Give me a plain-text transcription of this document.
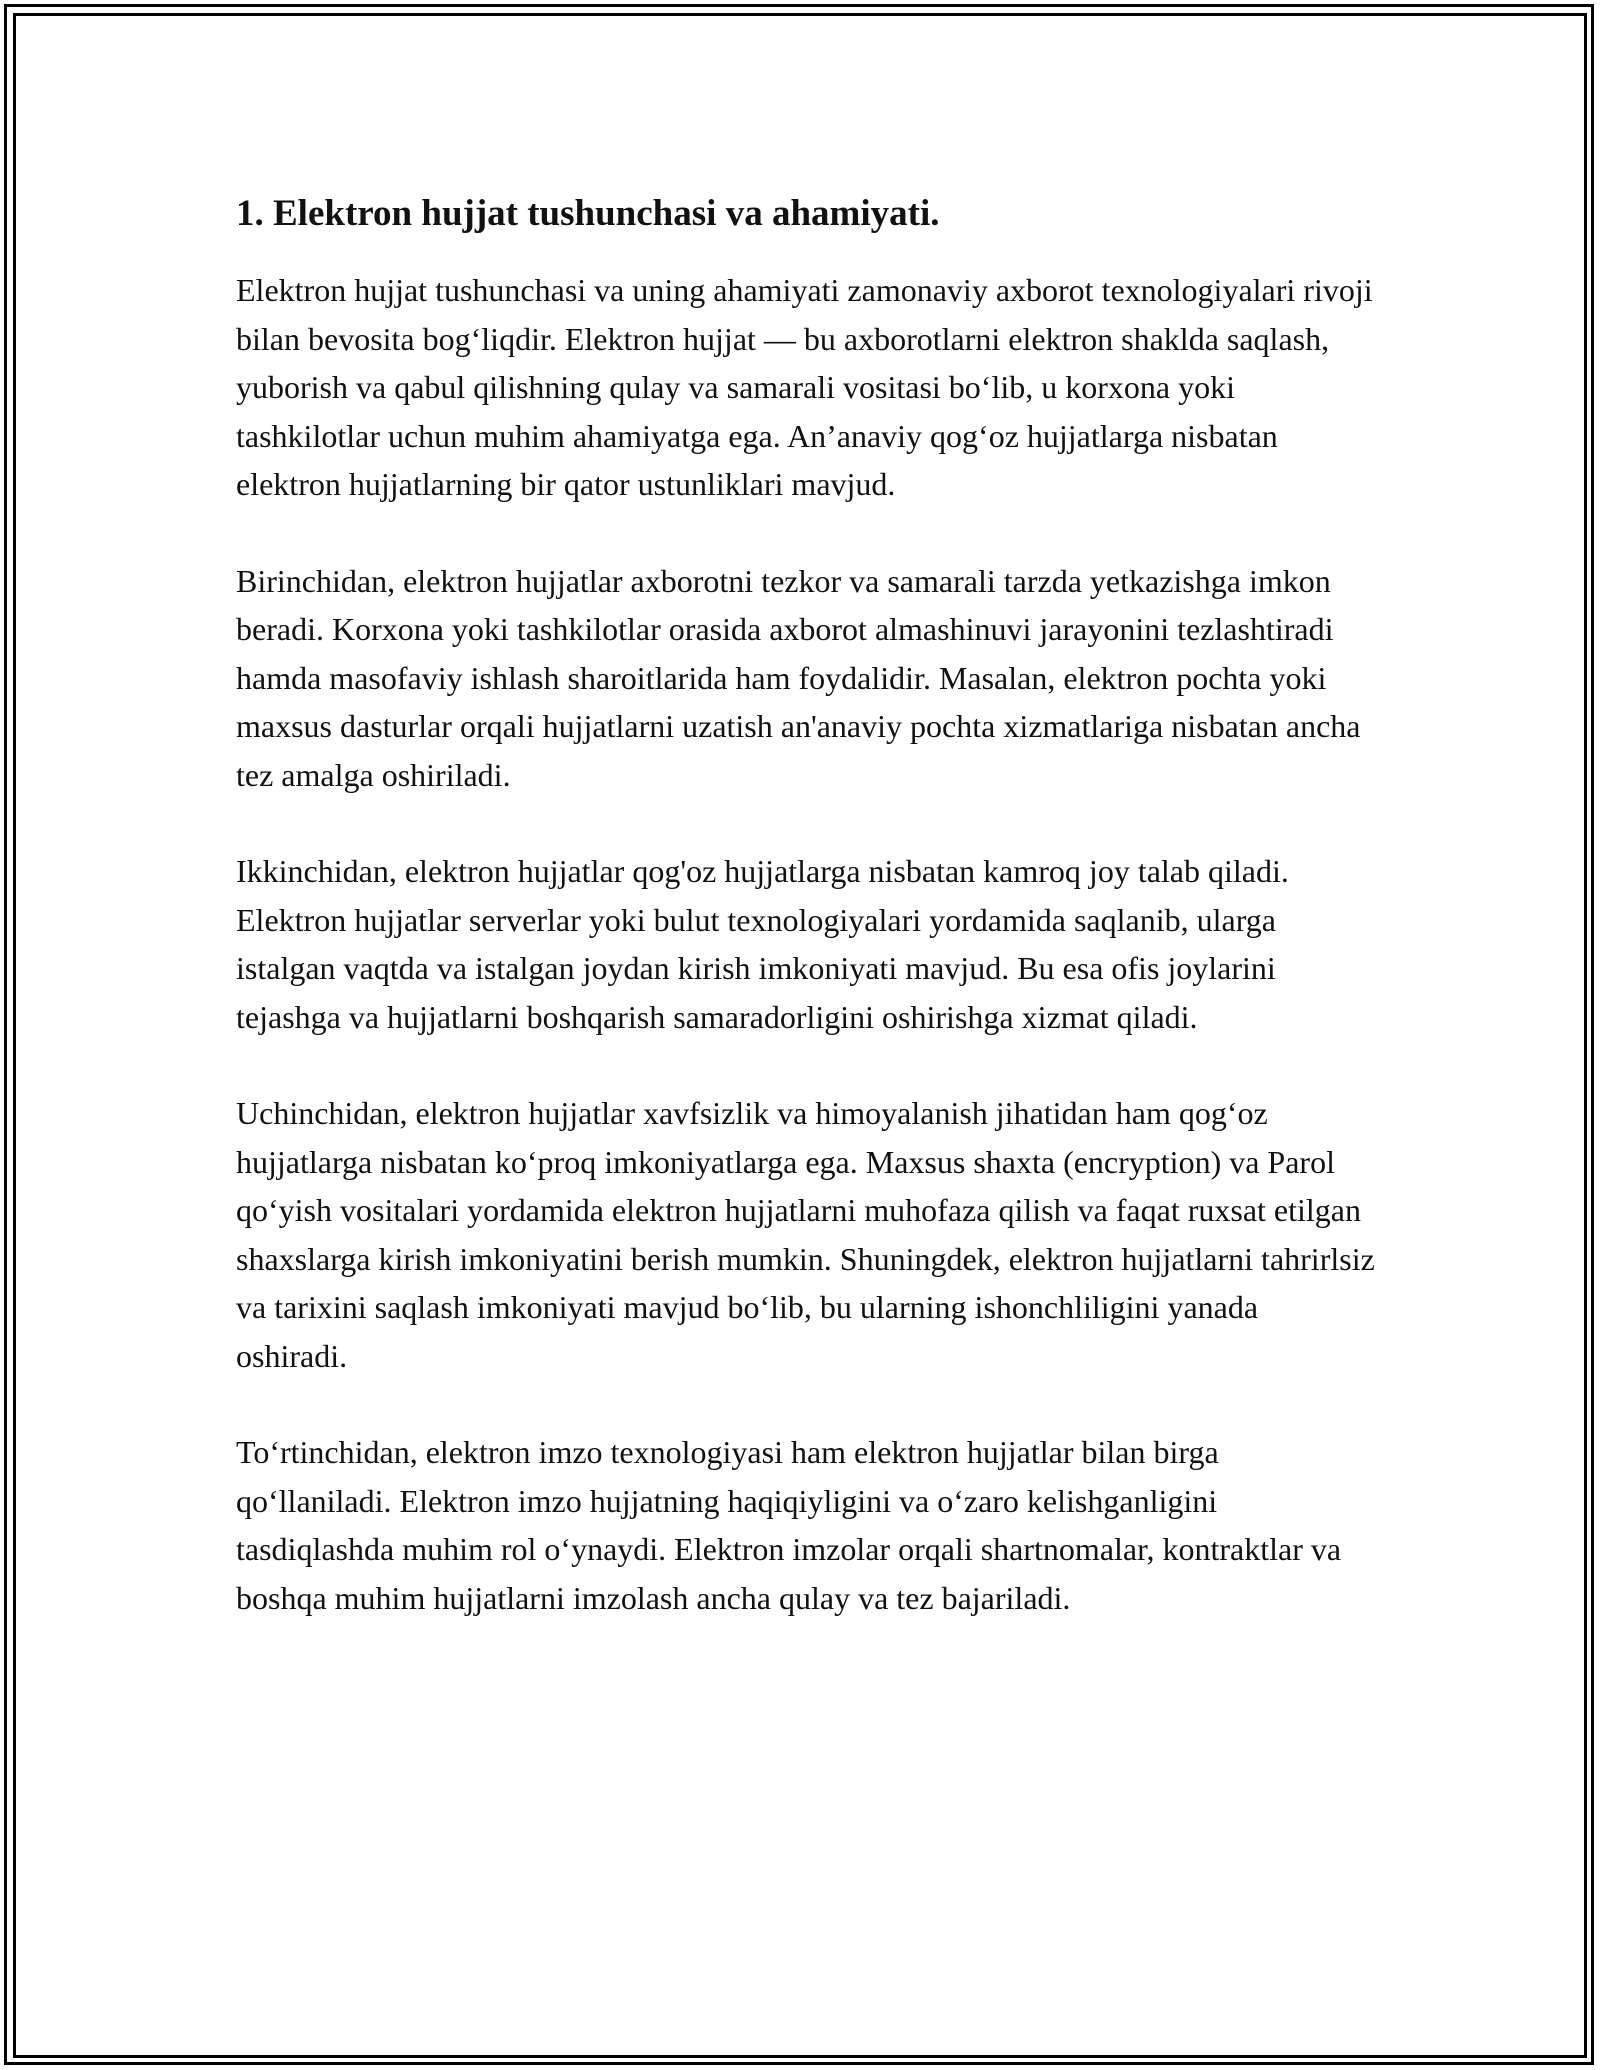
1. Elektron hujjat tushunchasi va ahamiyati.

Elektron hujjat tushunchasi va uning ahamiyati zamonaviy axborot texnologiyalari rivoji bilan bevosita bog‘liqdir. Elektron hujjat — bu axborotlarni elektron shaklda saqlash, yuborish va qabul qilishning qulay va samarali vositasi bo‘lib, u korxona yoki tashkilotlar uchun muhim ahamiyatga ega. An’anaviy qog‘oz hujjatlarga nisbatan elektron hujjatlarning bir qator ustunliklari mavjud.

Birinchidan, elektron hujjatlar axborotni tezkor va samarali tarzda yetkazishga imkon beradi. Korxona yoki tashkilotlar orasida axborot almashinuvi jarayonini tezlashtiradi hamda masofaviy ishlash sharoitlarida ham foydalidir. Masalan, elektron pochta yoki maxsus dasturlar orqali hujjatlarni uzatish an'anaviy pochta xizmatlariga nisbatan ancha tez amalga oshiriladi.

Ikkinchidan, elektron hujjatlar qog'oz hujjatlarga nisbatan kamroq joy talab qiladi. Elektron hujjatlar serverlar yoki bulut texnologiyalari yordamida saqlanib, ularga istalgan vaqtda va istalgan joydan kirish imkoniyati mavjud. Bu esa ofis joylarini tejashga va hujjatlarni boshqarish samaradorligini oshirishga xizmat qiladi.

Uchinchidan, elektron hujjatlar xavfsizlik va himoyalanish jihatidan ham qog‘oz hujjatlarga nisbatan ko‘proq imkoniyatlarga ega. Maxsus shaxta (encryption) va Parol qo‘yish vositalari yordamida elektron hujjatlarni muhofaza qilish va faqat ruxsat etilgan shaxslarga kirish imkoniyatini berish mumkin. Shuningdek, elektron hujjatlarni tahrirlsiz va tarixini saqlash imkoniyati mavjud bo‘lib, bu ularning ishonchliligini yanada oshiradi.

To‘rtinchidan, elektron imzo texnologiyasi ham elektron hujjatlar bilan birga qo‘llaniladi. Elektron imzo hujjatning haqiqiyligini va o‘zaro kelishganligini tasdiqlashda muhim rol o‘ynaydi. Elektron imzolar orqali shartnomalar, kontraktlar va boshqa muhim hujjatlarni imzolash ancha qulay va tez bajariladi.
